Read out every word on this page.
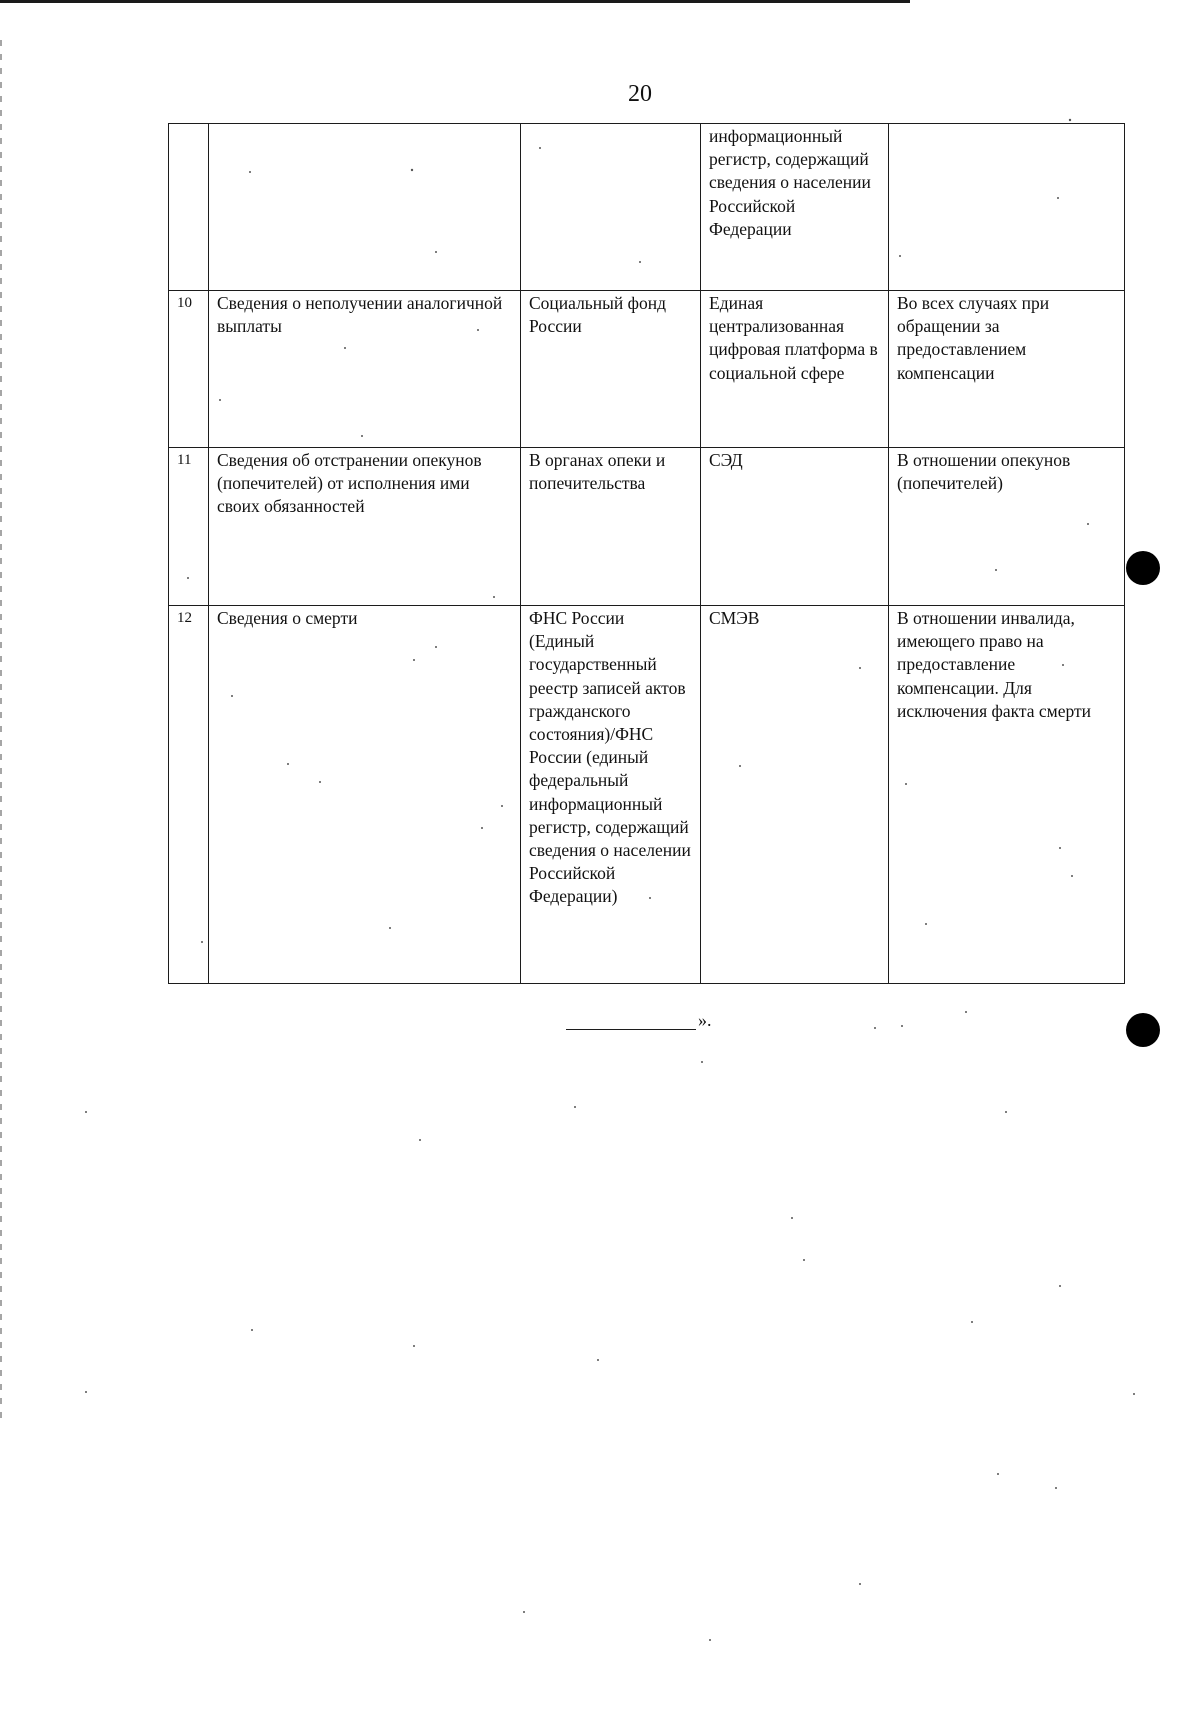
20
			информационный регистр, содержащий сведения о населении Российской Федерации	
10	Сведения о неполучении аналогичной выплаты	Социальный фонд России	Единая централизованная цифровая платформа в социальной сфере	Во всех случаях при обращении за предоставлением компенсации
11	Сведения об отстранении опекунов (попечителей) от исполнения ими своих обязанностей	В органах опеки и попечительства	СЭД	В отношении опекунов (попечителей)
12	Сведения о смерти	ФНС России (Единый государственный реестр записей актов гражданского состояния)/ФНС России (единый федеральный информационный регистр, содержащий сведения о населении Российской Федерации)	СМЭВ	В отношении инвалида, имеющего право на предоставление компенсации. Для исключения факта смерти
».
